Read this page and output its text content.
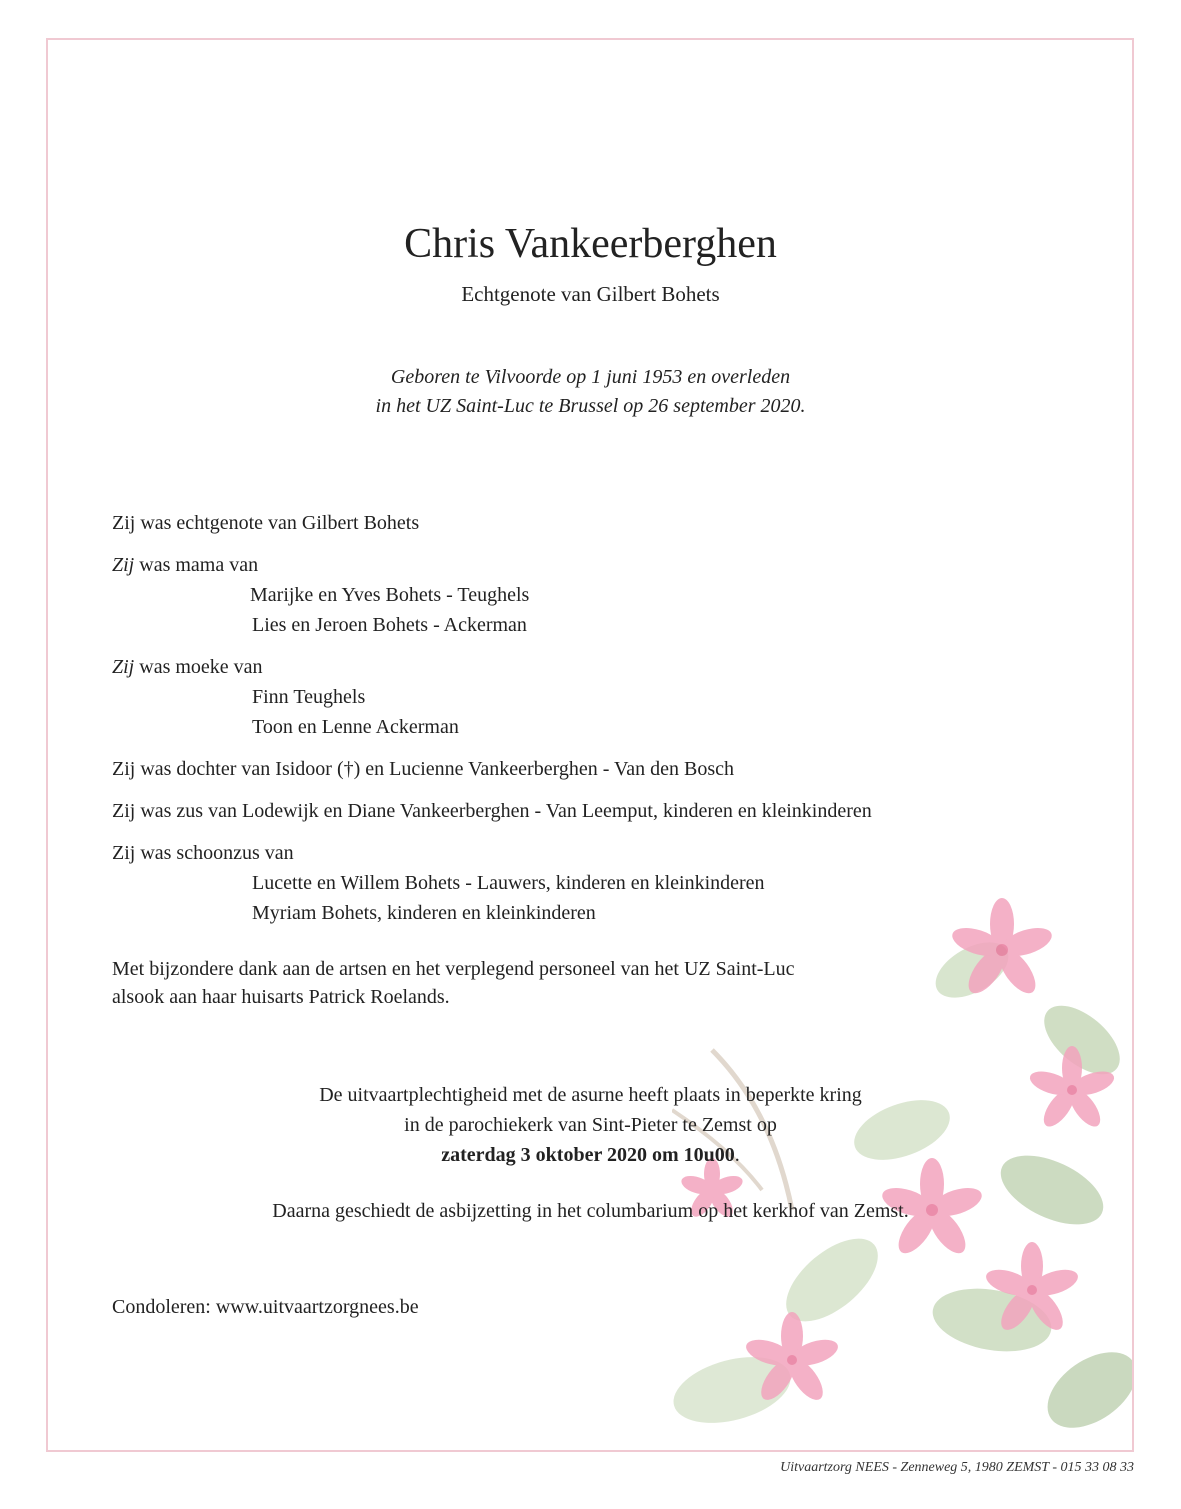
Chris Vankeerberghen
Echtgenote van Gilbert Bohets
Geboren te Vilvoorde op 1 juni 1953 en overleden
in het UZ Saint-Luc te Brussel op 26 september 2020.
Zij was echtgenote van Gilbert Bohets
Zij was mama van
Marijke en Yves Bohets - Teughels
Lies en Jeroen Bohets - Ackerman
Zij was moeke van
Finn Teughels
Toon en Lenne Ackerman
Zij was dochter van Isidoor (†) en Lucienne Vankeerberghen - Van den Bosch
Zij was zus van Lodewijk en Diane Vankeerberghen - Van Leemput, kinderen en kleinkinderen
Zij was schoonzus van
Lucette en Willem Bohets - Lauwers, kinderen en kleinkinderen
Myriam Bohets, kinderen en kleinkinderen
Met bijzondere dank aan de artsen en het verplegend personeel van het UZ Saint-Luc
alsook aan haar huisarts Patrick Roelands.
De uitvaartplechtigheid met de asurne heeft plaats in beperkte kring
in de parochiekerk van Sint-Pieter te Zemst op
zaterdag 3 oktober 2020 om 10u00.
Daarna geschiedt de asbijzetting in het columbarium op het kerkhof van Zemst.
Condoleren: www.uitvaartzorgnees.be
Uitvaartzorg NEES - Zenneweg 5, 1980 ZEMST - 015 33 08 33
